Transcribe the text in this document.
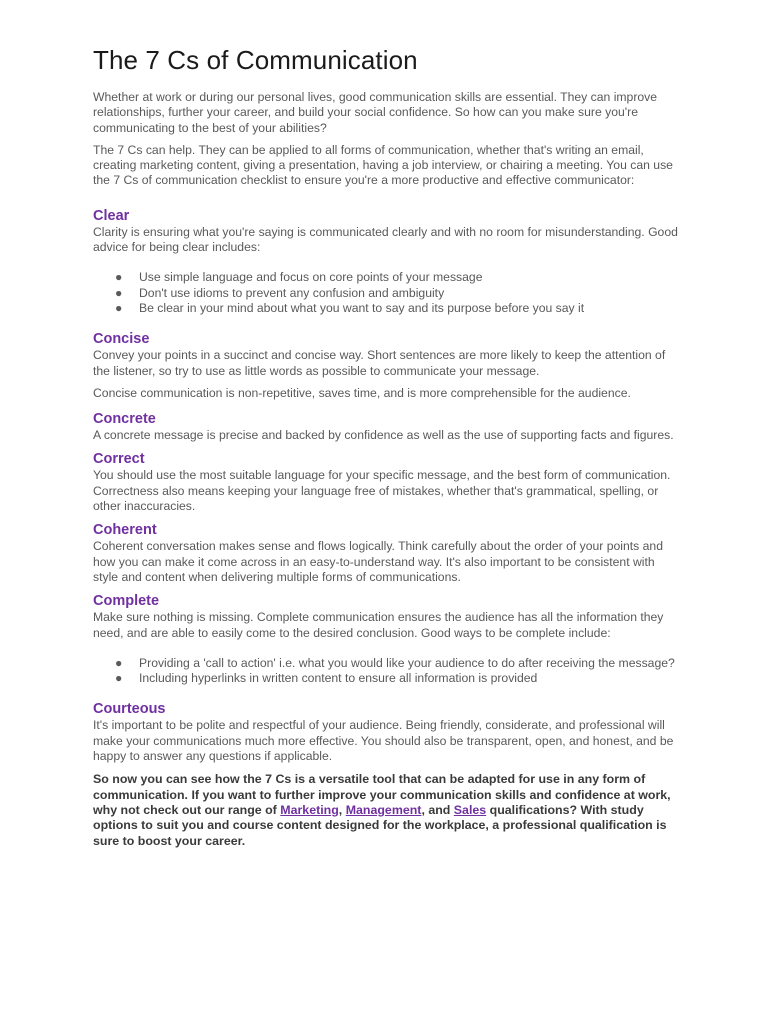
The 7 Cs of Communication

Whether at work or during our personal lives, good communication skills are essential. They can improve relationships, further your career, and build your social confidence. So how can you make sure you're communicating to the best of your abilities?

The 7 Cs can help. They can be applied to all forms of communication, whether that's writing an email, creating marketing content, giving a presentation, having a job interview, or chairing a meeting. You can use the 7 Cs of communication checklist to ensure you're a more productive and effective communicator:

Clear

Clarity is ensuring what you're saying is communicated clearly and with no room for misunderstanding. Good advice for being clear includes:

● Use simple language and focus on core points of your message
● Don't use idioms to prevent any confusion and ambiguity
● Be clear in your mind about what you want to say and its purpose before you say it
Concise

Convey your points in a succinct and concise way. Short sentences are more likely to keep the attention of the listener, so try to use as little words as possible to communicate your message.

Concise communication is non-repetitive, saves time, and is more comprehensible for the audience.

Concrete

A concrete message is precise and backed by confidence as well as the use of supporting facts and figures.

Correct

You should use the most suitable language for your specific message, and the best form of communication. Correctness also means keeping your language free of mistakes, whether that's grammatical, spelling, or other inaccuracies.

Coherent

Coherent conversation makes sense and flows logically. Think carefully about the order of your points and how you can make it come across in an easy-to-understand way. It's also important to be consistent with style and content when delivering multiple forms of communications.

Complete

Make sure nothing is missing. Complete communication ensures the audience has all the information they need, and are able to easily come to the desired conclusion. Good ways to be complete include:

● Providing a 'call to action' i.e. what you would like your audience to do after receiving the message?
● Including hyperlinks in written content to ensure all information is provided
Courteous

It's important to be polite and respectful of your audience. Being friendly, considerate, and professional will make your communications much more effective. You should also be transparent, open, and honest, and be happy to answer any questions if applicable.

So now you can see how the 7 Cs is a versatile tool that can be adapted for use in any form of communication. If you want to further improve your communication skills and confidence at work, why not check out our range of Marketing, Management, and Sales qualifications? With study options to suit you and course content designed for the workplace, a professional qualification is sure to boost your career.
